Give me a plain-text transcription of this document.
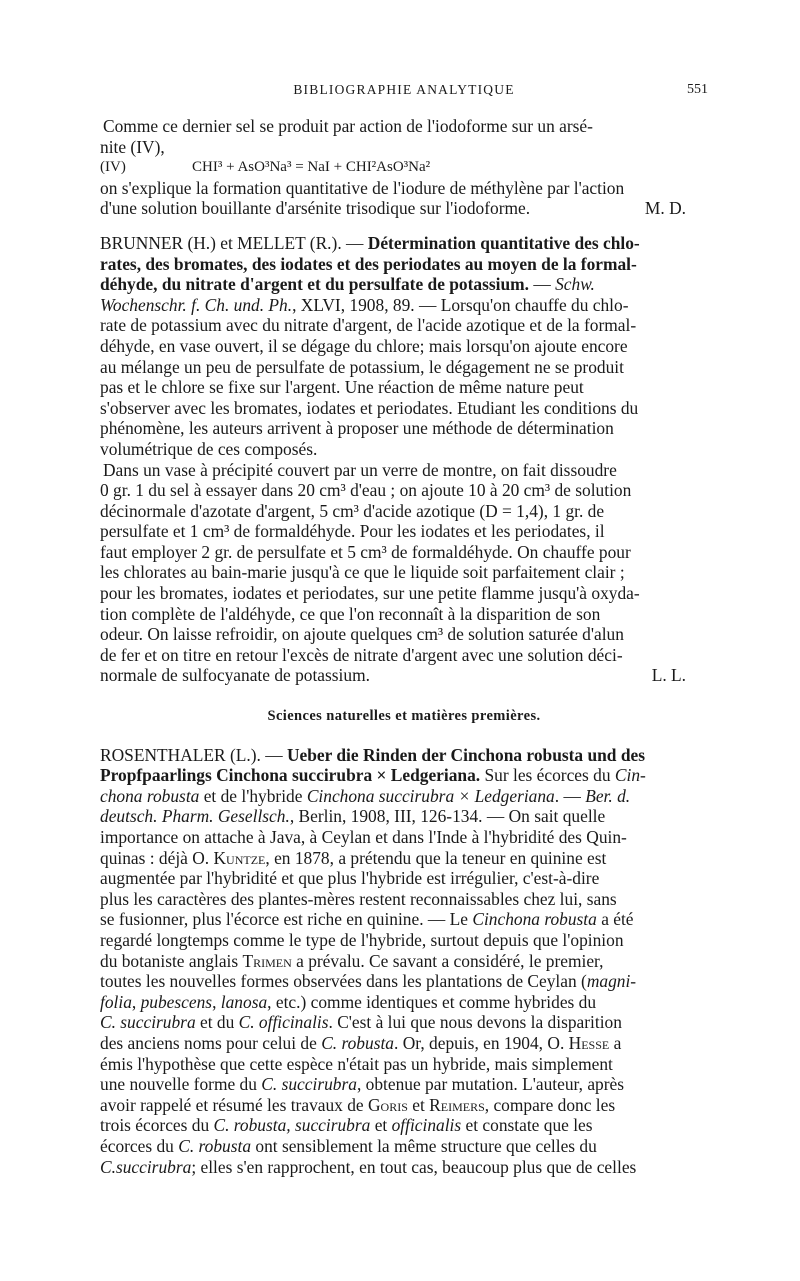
BIBLIOGRAPHIE ANALYTIQUE	551

Comme ce dernier sel se produit par action de l'iodoforme sur un arsé-

nite (IV),

(IV)	CHI³ + AsO³Na³ = NaI + CHI²AsO³Na²

on s'explique la formation quantitative de l'iodure de méthylène par l'action

d'une solution bouillante d'arsénite trisodique sur l'iodoforme.	M. D.

BRUNNER (H.) et MELLET (R.). — Détermination quantitative des chlo-

rates, des bromates, des iodates et des periodates au moyen de la formal-

déhyde, du nitrate d'argent et du persulfate de potassium. — Schw.

Wochenschr. f. Ch. und. Ph., XLVI, 1908, 89. — Lorsqu'on chauffe du chlo-

rate de potassium avec du nitrate d'argent, de l'acide azotique et de la formal-

déhyde, en vase ouvert, il se dégage du chlore; mais lorsqu'on ajoute encore

au mélange un peu de persulfate de potassium, le dégagement ne se produit

pas et le chlore se fixe sur l'argent. Une réaction de même nature peut

s'observer avec les bromates, iodates et periodates. Etudiant les conditions du

phénomène, les auteurs arrivent à proposer une méthode de détermination

volumétrique de ces composés.

Dans un vase à précipité couvert par un verre de montre, on fait dissoudre

0 gr. 1 du sel à essayer dans 20 cm³ d'eau ; on ajoute 10 à 20 cm³ de solution

décinormale d'azotate d'argent, 5 cm³ d'acide azotique (D = 1,4), 1 gr. de

persulfate et 1 cm³ de formaldéhyde. Pour les iodates et les periodates, il

faut employer 2 gr. de persulfate et 5 cm³ de formaldéhyde. On chauffe pour

les chlorates au bain-marie jusqu'à ce que le liquide soit parfaitement clair ;

pour les bromates, iodates et periodates, sur une petite flamme jusqu'à oxyda-

tion complète de l'aldéhyde, ce que l'on reconnaît à la disparition de son

odeur. On laisse refroidir, on ajoute quelques cm³ de solution saturée d'alun

de fer et on titre en retour l'excès de nitrate d'argent avec une solution déci-

normale de sulfocyanate de potassium.	L. L.

Sciences naturelles et matières premières.

ROSENTHALER (L.). — Ueber die Rinden der Cinchona robusta und des

Propfpaarlings Cinchona succirubra × Ledgeriana. Sur les écorces du Cin-

chona robusta et de l'hybride Cinchona succirubra × Ledgeriana. — Ber. d.

deutsch. Pharm. Gesellsch., Berlin, 1908, III, 126-134. — On sait quelle

importance on attache à Java, à Ceylan et dans l'Inde à l'hybridité des Quin-

quinas : déjà O. Kuntze, en 1878, a prétendu que la teneur en quinine est

augmentée par l'hybridité et que plus l'hybride est irrégulier, c'est-à-dire

plus les caractères des plantes-mères restent reconnaissables chez lui, sans

se fusionner, plus l'écorce est riche en quinine. — Le Cinchona robusta a été

regardé longtemps comme le type de l'hybride, surtout depuis que l'opinion

du botaniste anglais Trimen a prévalu. Ce savant a considéré, le premier,

toutes les nouvelles formes observées dans les plantations de Ceylan (magni-

folia, pubescens, lanosa, etc.) comme identiques et comme hybrides du

C. succirubra et du C. officinalis. C'est à lui que nous devons la disparition

des anciens noms pour celui de C. robusta. Or, depuis, en 1904, O. Hesse a

émis l'hypothèse que cette espèce n'était pas un hybride, mais simplement

une nouvelle forme du C. succirubra, obtenue par mutation. L'auteur, après

avoir rappelé et résumé les travaux de Goris et Reimers, compare donc les

trois écorces du C. robusta, succirubra et officinalis et constate que les

écorces du C. robusta ont sensiblement la même structure que celles du

C.succirubra; elles s'en rapprochent, en tout cas, beaucoup plus que de celles
